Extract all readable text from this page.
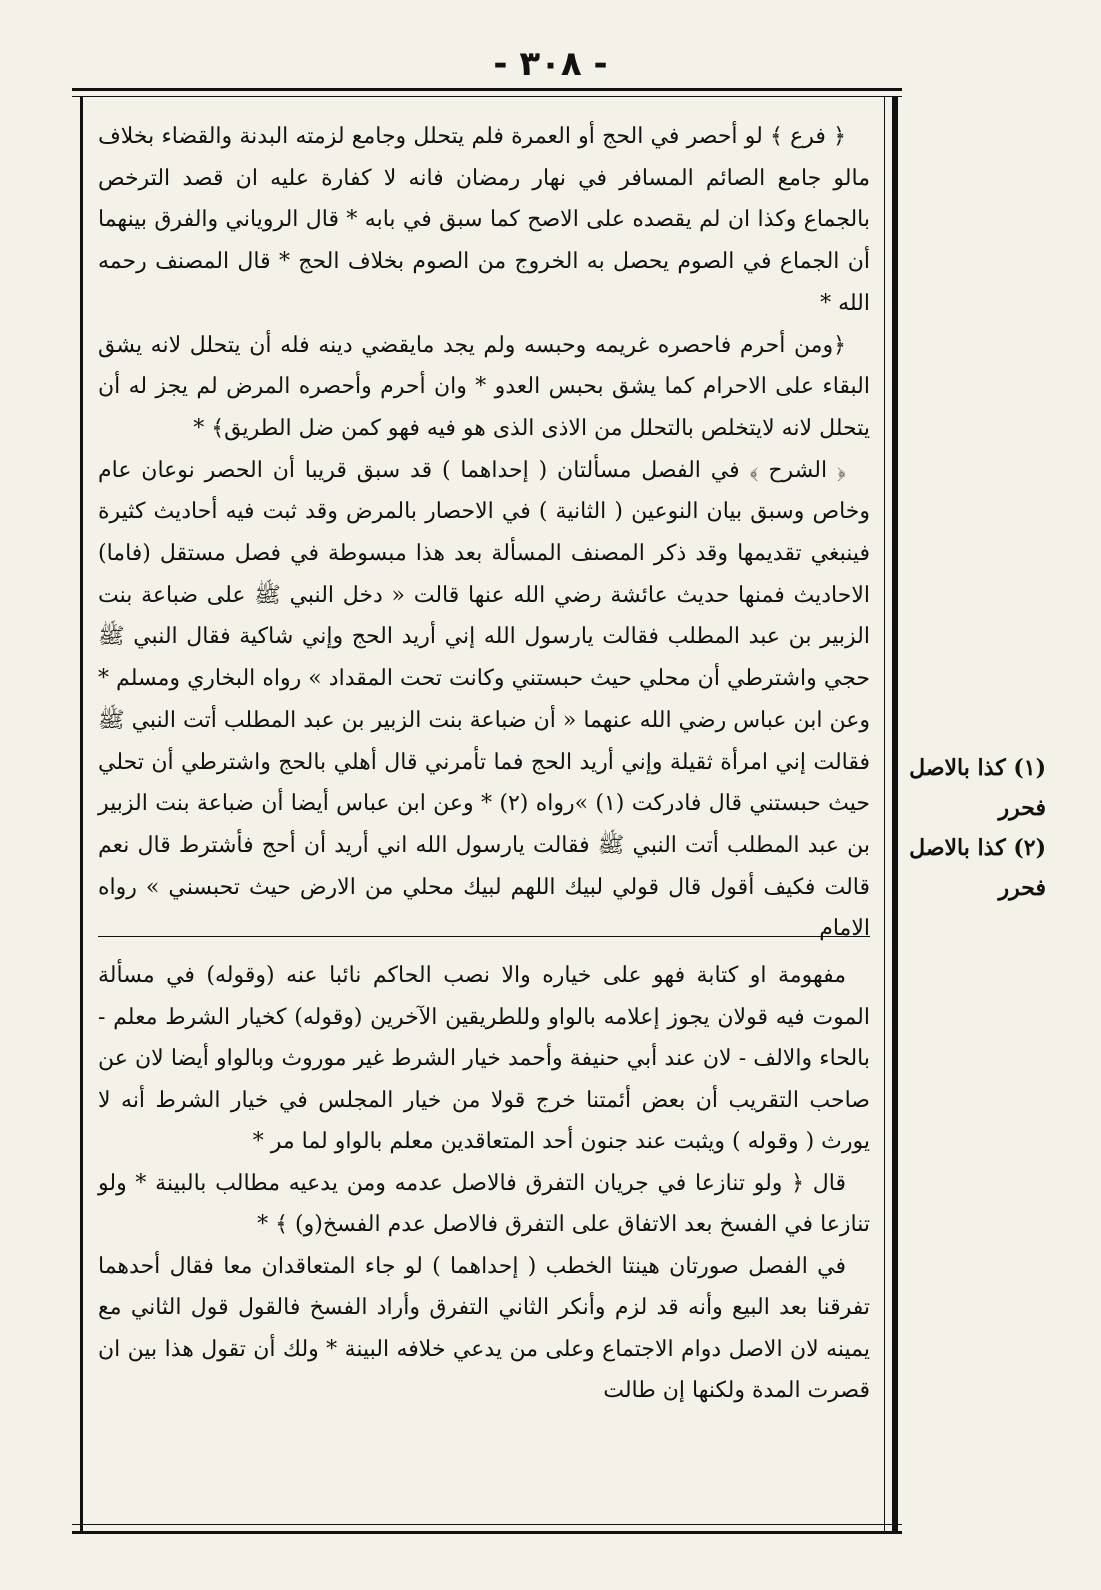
- ٣٠٨ -

﴿ فرع ﴾ لو أحصر في الحج أو العمرة فلم يتحلل وجامع لزمته البدنة والقضاء بخلاف مالو جامع الصائم المسافر في نهار رمضان فانه لا كفارة عليه ان قصد الترخص بالجماع وكذا ان لم يقصده على الاصح كما سبق في بابه * قال الروياني والفرق بينهما أن الجماع في الصوم يحصل به الخروج من الصوم بخلاف الحج * قال المصنف رحمه الله *

﴿ومن أحرم فاحصره غريمه وحبسه ولم يجد مايقضي دينه فله أن يتحلل لانه يشق البقاء على الاحرام كما يشق بحبس العدو * وان أحرم وأحصره المرض لم يجز له أن يتحلل لانه لايتخلص بالتحلل من الاذى الذى هو فيه فهو كمن ضل الطريق﴾ *

﴿ الشرح ﴾ في الفصل مسألتان ( إحداهما ) قد سبق قريبا أن الحصر نوعان عام وخاص وسبق بيان النوعين ( الثانية ) في الاحصار بالمرض وقد ثبت فيه أحاديث كثيرة فينبغي تقديمها وقد ذكر المصنف المسألة بعد هذا مبسوطة في فصل مستقل (فاما) الاحاديث فمنها حديث عائشة رضي الله عنها قالت « دخل النبي ﷺ على ضباعة بنت الزبير بن عبد المطلب فقالت يارسول الله إني أريد الحج وإني شاكية فقال النبي ﷺ حجي واشترطي أن محلي حيث حبستني وكانت تحت المقداد » رواه البخاري ومسلم * وعن ابن عباس رضي الله عنهما « أن ضباعة بنت الزبير بن عبد المطلب أتت النبي ﷺ فقالت إني امرأة ثقيلة وإني أريد الحج فما تأمرني قال أهلي بالحج واشترطي أن تحلي حيث حبستني قال فادركت (١) »رواه (٢) * وعن ابن عباس أيضا أن ضباعة بنت الزبير بن عبد المطلب أتت النبي ﷺ فقالت يارسول الله اني أريد أن أحج فأشترط قال نعم قالت فكيف أقول قال قولي لبيك اللهم لبيك محلي من الارض حيث تحبسني » رواه الامام

مفهومة او كتابة فهو على خياره والا نصب الحاكم نائبا عنه (وقوله) في مسألة الموت فيه قولان يجوز إعلامه بالواو وللطريقين الآخرين (وقوله) كخيار الشرط معلم - بالحاء والالف - لان عند أبي حنيفة وأحمد خيار الشرط غير موروث وبالواو أيضا لان عن صاحب التقريب أن بعض أئمتنا خرج قولا من خيار المجلس في خيار الشرط أنه لا يورث ( وقوله ) ويثبت عند جنون أحد المتعاقدين معلم بالواو لما مر *

قال ﴿ ولو تنازعا في جريان التفرق فالاصل عدمه ومن يدعيه مطالب بالبينة * ولو تنازعا في الفسخ بعد الاتفاق على التفرق فالاصل عدم الفسخ(و) ﴾ *

في الفصل صورتان هينتا الخطب ( إحداهما ) لو جاء المتعاقدان معا فقال أحدهما تفرقنا بعد البيع وأنه قد لزم وأنكر الثاني التفرق وأراد الفسخ فالقول قول الثاني مع يمينه لان الاصل دوام الاجتماع وعلى من يدعي خلافه البينة * ولك أن تقول هذا بين ان قصرت المدة ولكنها إن طالت

(١) كذا بالاصل فحرر
(٢) كذا بالاصل فحرر
